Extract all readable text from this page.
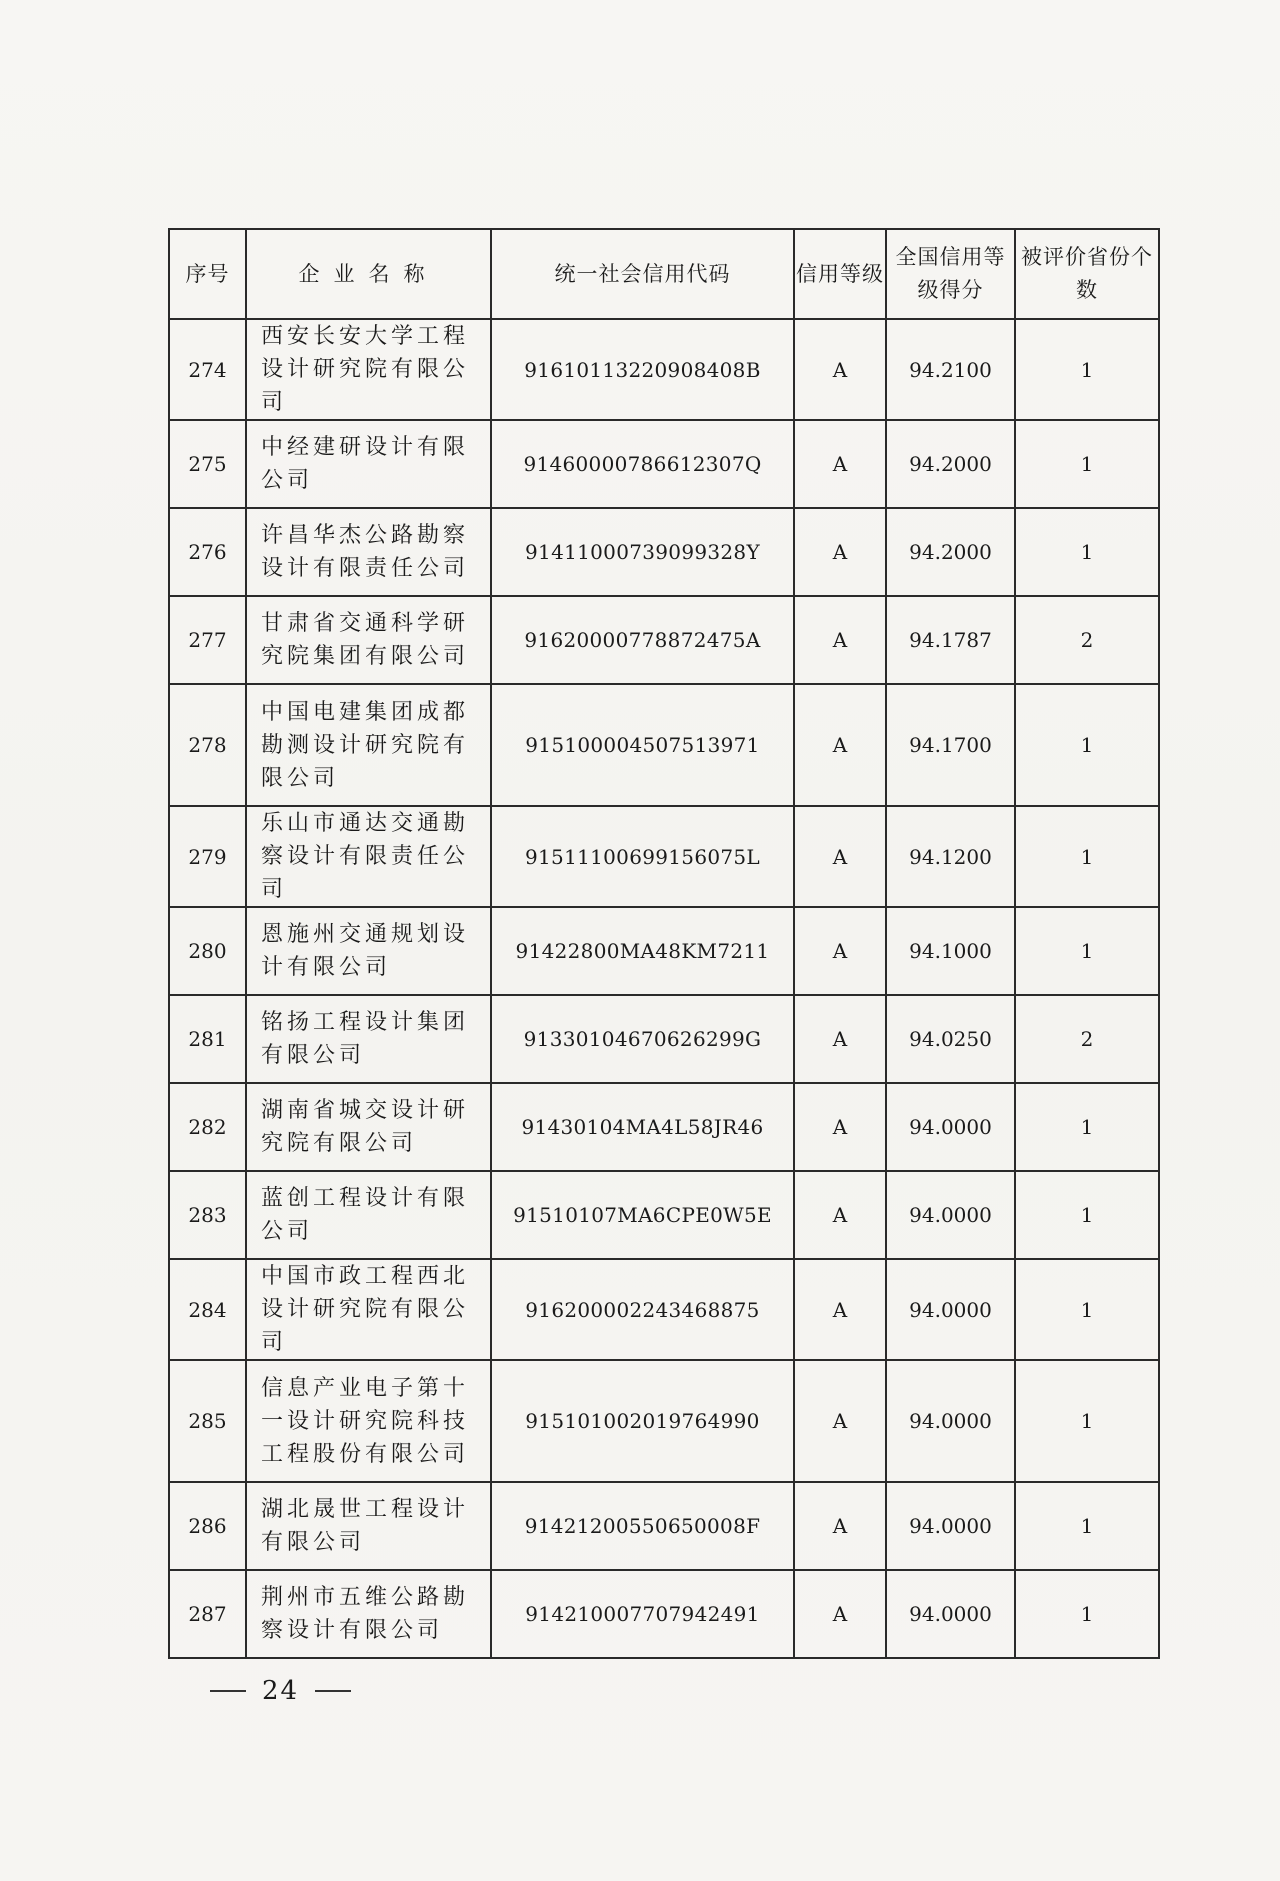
序号	企业名称	统一社会信用代码	信用等级	全国信用等级得分	被评价省份个数
274	西安长安大学工程设计研究院有限公司	91610113220908408B	A	94.2100	1
275	中经建研设计有限公司	91460000786612307Q	A	94.2000	1
276	许昌华杰公路勘察设计有限责任公司	91411000739099328Y	A	94.2000	1
277	甘肃省交通科学研究院集团有限公司	91620000778872475A	A	94.1787	2
278	中国电建集团成都勘测设计研究院有限公司	915100004507513971	A	94.1700	1
279	乐山市通达交通勘察设计有限责任公司	91511100699156075L	A	94.1200	1
280	恩施州交通规划设计有限公司	91422800MA48KM7211	A	94.1000	1
281	铭扬工程设计集团有限公司	91330104670626299G	A	94.0250	2
282	湖南省城交设计研究院有限公司	91430104MA4L58JR46	A	94.0000	1
283	蓝创工程设计有限公司	91510107MA6CPE0W5E	A	94.0000	1
284	中国市政工程西北设计研究院有限公司	916200002243468875	A	94.0000	1
285	信息产业电子第十一设计研究院科技工程股份有限公司	915101002019764990	A	94.0000	1
286	湖北晟世工程设计有限公司	91421200550650008F	A	94.0000	1
287	荆州市五维公路勘察设计有限公司	914210007707942491	A	94.0000	1
24
